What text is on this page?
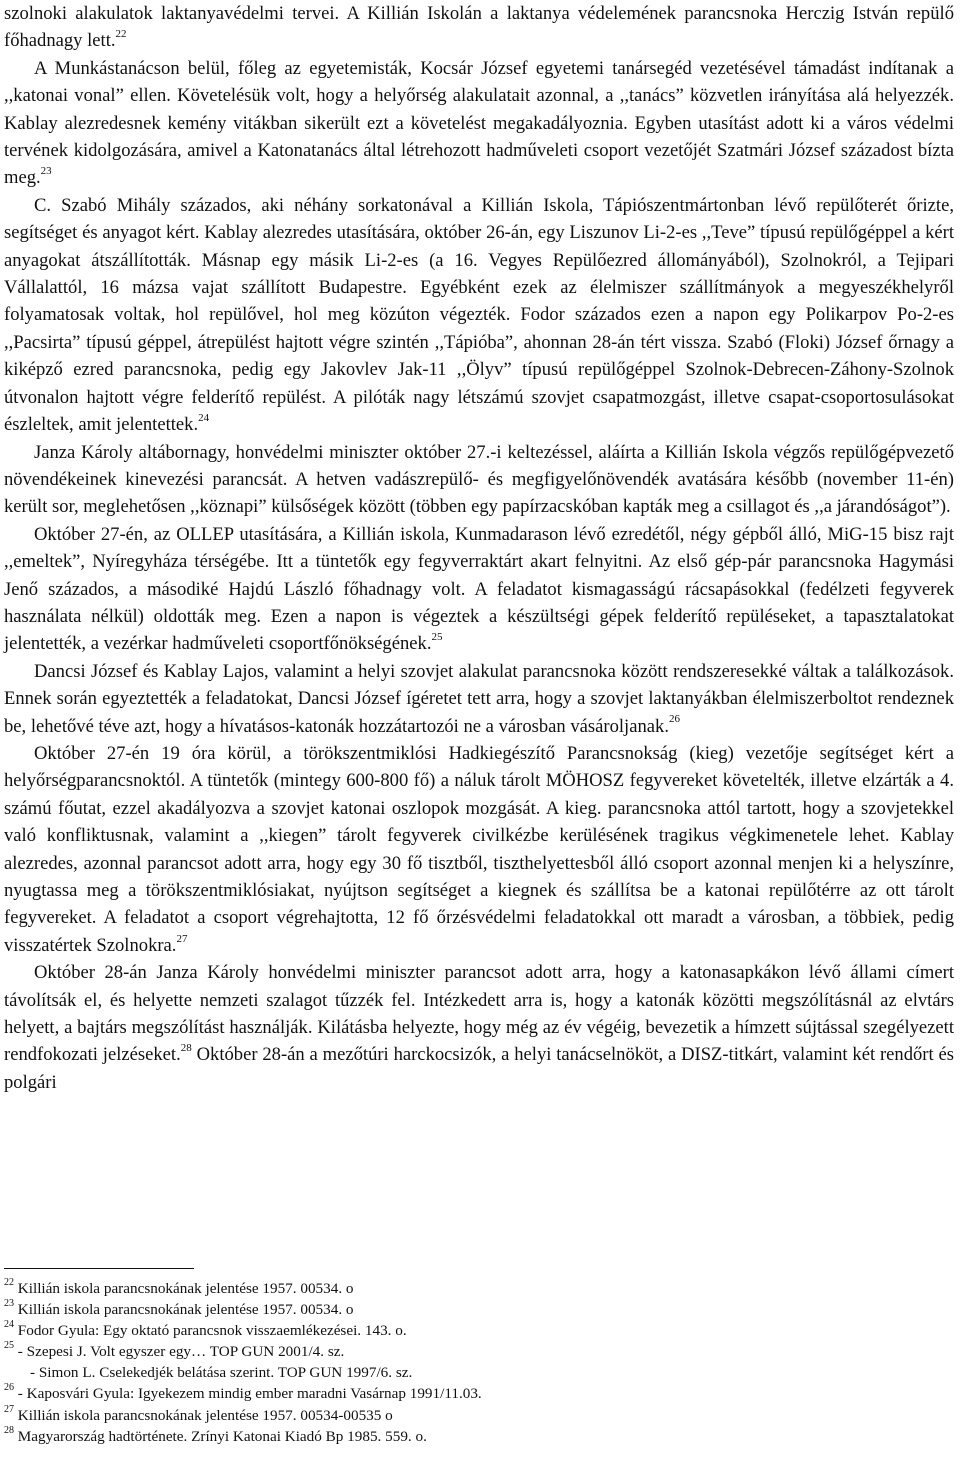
szolnoki alakulatok laktanyavédelmi tervei. A Killián Iskolán a laktanya védelemének parancsnoka Herczig István repülő főhadnagy lett.$^{22}$

A Munkástanácson belül, főleg az egyetemisták, Kocsár József egyetemi tanársegéd vezetésével támadást indítanak a ,,katonai vonal” ellen. Követelésük volt, hogy a helyőrség alakulatait azonnal, a ,,tanács” közvetlen irányítása alá helyezzék. Kablay alezredesnek kemény vitákban sikerült ezt a követelést megakadályoznia. Egyben utasítást adott ki a város védelmi tervének kidolgozására, amivel a Katonatanács által létrehozott hadműveleti csoport vezetőjét Szatmári József századost bízta meg.$^{23}$

C. Szabó Mihály százados, aki néhány sorkatonával a Killián Iskola, Tápiószentmártonban lévő repülőterét őrizte, segítséget és anyagot kért. Kablay alezredes utasítására, október 26-án, egy Liszunov Li-2-es ,,Teve” típusú repülőgéppel a kért anyagokat átszállították. Másnap egy másik Li-2-es (a 16. Vegyes Repülőezred állományából), Szolnokról, a Tejipari Vállalattól, 16 mázsa vajat szállított Budapestre. Egyébként ezek az élelmiszer szállítmányok a megyeszékhelyről folyamatosak voltak, hol repülővel, hol meg közúton végezték. Fodor százados ezen a napon egy Polikarpov Po-2-es ,,Pacsirta” típusú géppel, átrepülést hajtott végre szintén ,,Tápióba”, ahonnan 28-án tért vissza. Szabó (Floki) József őrnagy a kiképző ezred parancsnoka, pedig egy Jakovlev Jak-11 ,,Ölyv” típusú repülőgéppel Szolnok-Debrecen-Záhony-Szolnok útvonalon hajtott végre felderítő repülést. A pilóták nagy létszámú szovjet csapatmozgást, illetve csapat-csoportosulásokat észleltek, amit jelentettek.$^{24}$

Janza Károly altábornagy, honvédelmi miniszter október 27.-i keltezéssel, aláírta a Killián Iskola végzős repülőgépvezető növendékeinek kinevezési parancsát. A hetven vadászrepülő- és megfigyelőnövendék avatására később (november 11-én) került sor, meglehetősen ,,köznapi” külsőségek között (többen egy papírzacskóban kapták meg a csillagot és ,,a járandóságot”).

Október 27-én, az OLLEP utasítására, a Killián iskola, Kunmadarason lévő ezredétől, négy gépből álló, MiG-15 bisz rajt ,,emeltek”, Nyíregyháza térségébe. Itt a tüntetők egy fegyverraktárt akart felnyitni. Az első gép-pár parancsnoka Hagymási Jenő százados, a másodiké Hajdú László főhadnagy volt. A feladatot kismagasságú rácsapásokkal (fedélzeti fegyverek használata nélkül) oldották meg. Ezen a napon is végeztek a készültségi gépek felderítő repüléseket, a tapasztalatokat jelentették, a vezérkar hadműveleti csoportfőnökségének.$^{25}$

Dancsi József és Kablay Lajos, valamint a helyi szovjet alakulat parancsnoka között rendszeresekké váltak a találkozások. Ennek során egyeztették a feladatokat, Dancsi József ígéretet tett arra, hogy a szovjet laktanyákban élelmiszerboltot rendeznek be, lehetővé téve azt, hogy a hívatásos-katonák hozzátartozói ne a városban vásároljanak.$^{26}$

Október 27-én 19 óra körül, a törökszentmiklósi Hadkiegészítő Parancsnokság (kieg) vezetője segítséget kért a helyőrségparancsnoktól. A tüntetők (mintegy 600-800 fő) a náluk tárolt MÖHOSZ fegyvereket követelték, illetve elzárták a 4. számú főutat, ezzel akadályozva a szovjet katonai oszlopok mozgását. A kieg. parancsnoka attól tartott, hogy a szovjetekkel való konfliktusnak, valamint a ,,kiegen” tárolt fegyverek civilkézbe kerülésének tragikus végkimenetele lehet. Kablay alezredes, azonnal parancsot adott arra, hogy egy 30 fő tisztből, tiszthelyettesből álló csoport azonnal menjen ki a helyszínre, nyugtassa meg a törökszentmiklósiakat, nyújtson segítséget a kiegnek és szállítsa be a katonai repülőtérre az ott tárolt fegyvereket. A feladatot a csoport végrehajtotta, 12 fő őrzésvédelmi feladatokkal ott maradt a városban, a többiek, pedig visszatértek Szolnokra.$^{27}$

Október 28-án Janza Károly honvédelmi miniszter parancsot adott arra, hogy a katonasapkákon lévő állami címert távolítsák el, és helyette nemzeti szalagot tűzzék fel. Intézkedett arra is, hogy a katonák közötti megszólításnál az elvtárs helyett, a bajtárs megszólítást használják. Kilátásba helyezte, hogy még az év végéig, bevezetik a hímzett sújtással szegélyezett rendfokozati jelzéseket.$^{28}$ Október 28-án a mezőtúri harckocsizók, a helyi tanácselnököt, a DISZ-titkárt, valamint két rendőrt és polgári

$^{22}$ Killián iskola parancsnokának jelentése 1957. 00534. o
$^{23}$ Killián iskola parancsnokának jelentése 1957. 00534. o
$^{24}$ Fodor Gyula: Egy oktató parancsnok visszaemlékezései. 143. o.
$^{25}$ - Szepesi J. Volt egyszer egy… TOP GUN 2001/4. sz.
- Simon L. Cselekedjék belátása szerint. TOP GUN 1997/6. sz.
$^{26}$ - Kaposvári Gyula: Igyekezem mindig ember maradni Vasárnap 1991/11.03.
$^{27}$ Killián iskola parancsnokának jelentése 1957. 00534-00535 o
$^{28}$ Magyarország hadtörténete. Zrínyi Katonai Kiadó Bp 1985. 559. o.
